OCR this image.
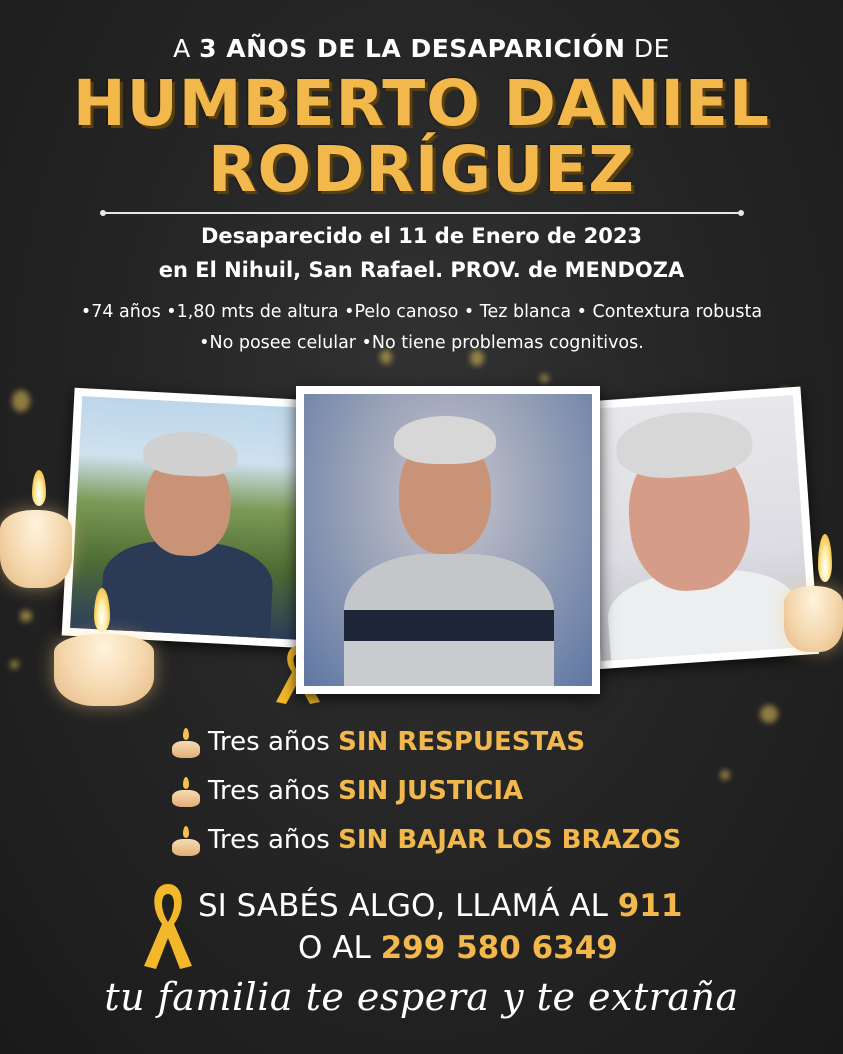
A 3 AÑOS DE LA DESAPARICIÓN DE
HUMBERTO DANIEL
RODRÍGUEZ
Desaparecido el 11 de Enero de 2023
en El Nihuil, San Rafael. PROV. de MENDOZA
•74 años •1,80 mts de altura •Pelo canoso • Tez blanca • Contextura robusta
•No posee celular •No tiene problemas cognitivos.
Tres años SIN RESPUESTAS
Tres años SIN JUSTICIA
Tres años SIN BAJAR LOS BRAZOS
SI SABÉS ALGO, LLAMÁ AL 911
O AL 299 580 6349
tu familia te espera y te extraña
